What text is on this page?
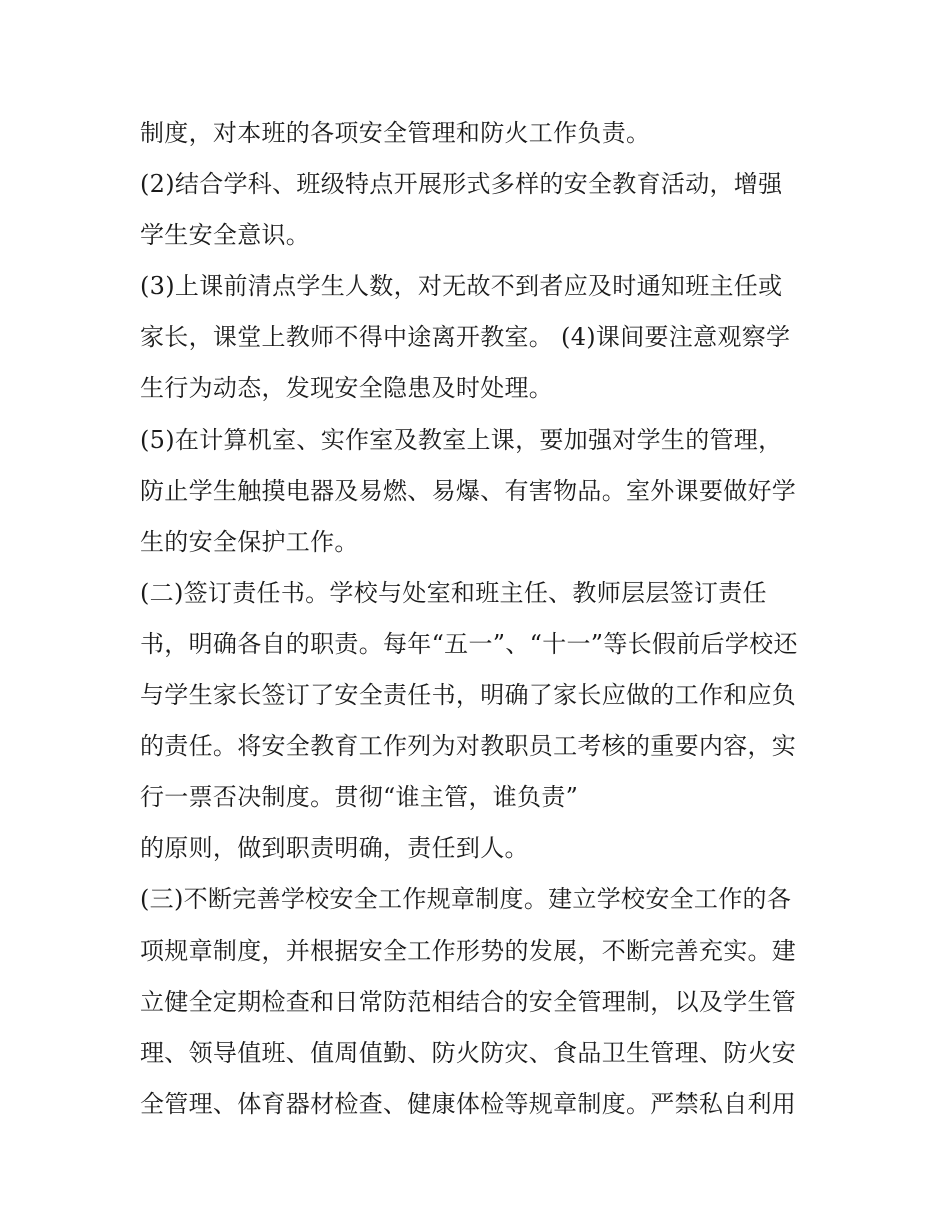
制度，对本班的各项安全管理和防火工作负责。
(2)结合学科、班级特点开展形式多样的安全教育活动，增强
学生安全意识。
(3)上课前清点学生人数，对无故不到者应及时通知班主任或
家长，课堂上教师不得中途离开教室。 (4)课间要注意观察学
生行为动态，发现安全隐患及时处理。
(5)在计算机室、实作室及教室上课，要加强对学生的管理，
防止学生触摸电器及易燃、易爆、有害物品。室外课要做好学
生的安全保护工作。
(二)签订责任书。学校与处室和班主任、教师层层签订责任
书，明确各自的职责。每年“五一”、“十一”等长假前后学校还
与学生家长签订了安全责任书，明确了家长应做的工作和应负
的责任。将安全教育工作列为对教职员工考核的重要内容，实
行一票否决制度。贯彻“谁主管，谁负责”
的原则，做到职责明确，责任到人。
(三)不断完善学校安全工作规章制度。建立学校安全工作的各
项规章制度，并根据安全工作形势的发展，不断完善充实。建
立健全定期检查和日常防范相结合的安全管理制，以及学生管
理、领导值班、值周值勤、防火防灾、食品卫生管理、防火安
全管理、体育器材检查、健康体检等规章制度。严禁私自利用
